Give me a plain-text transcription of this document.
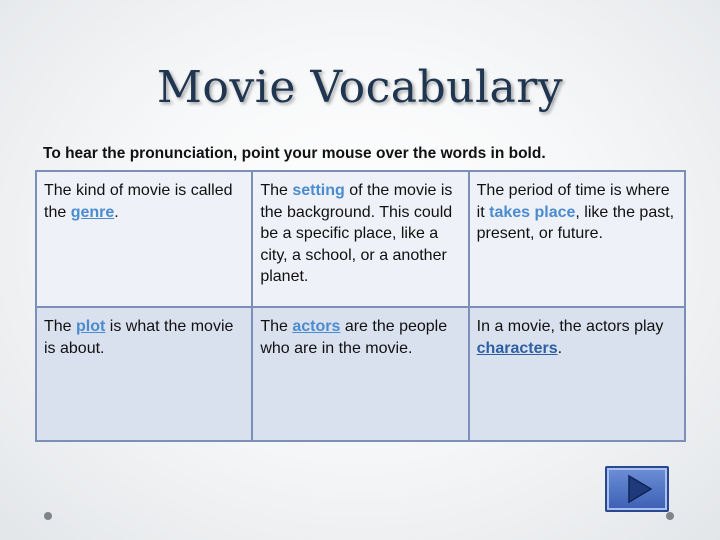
Movie Vocabulary
To hear the pronunciation, point your mouse over the words in bold.
The kind of movie is called the genre.	The setting of the movie is the background. This could be a specific place, like a city, a school, or a another planet.	The period of time is where it takes place, like the past, present, or future.
The plot is what the movie is about.	The actors are the people who are in the movie.	In a movie, the actors play characters.
